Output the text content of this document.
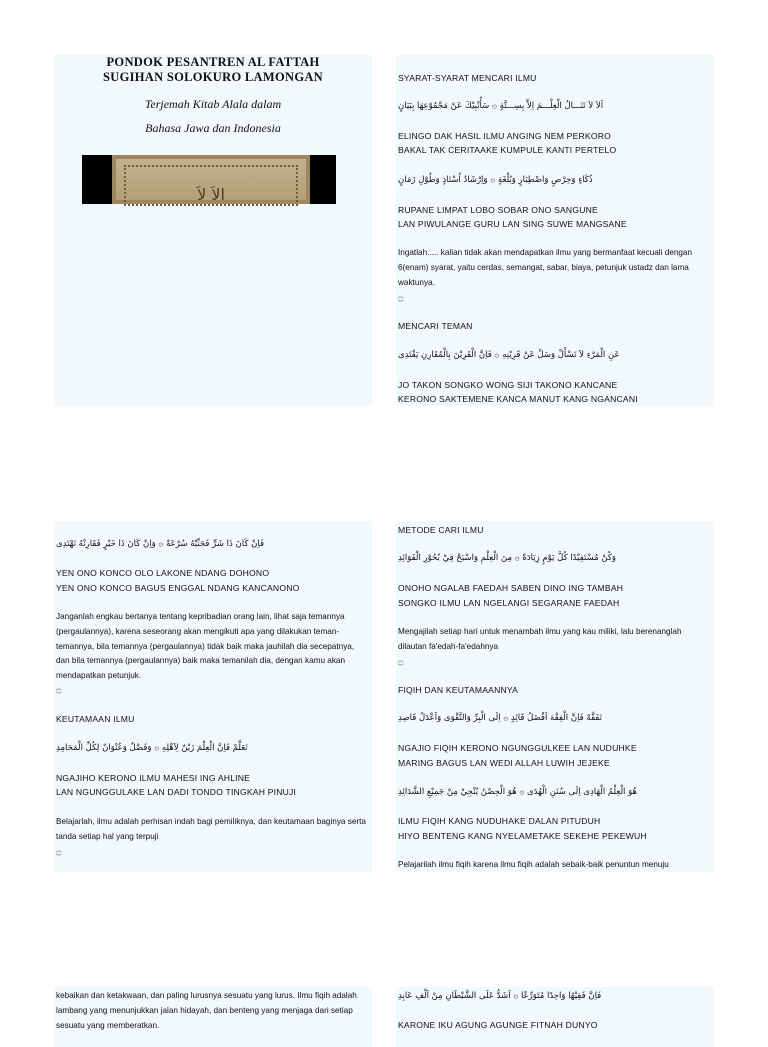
PONDOK PESANTREN AL FATTAH
SUGIHAN SOLOKURO LAMONGAN
Terjemah Kitab Alala dalam
Bahasa Jawa dan Indonesia
الاَ لاَ
SYARAT-SYARAT MENCARI ILMU
اَلاَ لاَ تَنَـــالُ الْعِلْـــمَ اِلاَّ بِسِـــتَّةٍ ۞ سَأُنْبِيْكَ عَنْ مَجْمُوْعِهَا بِبَيَانٍ
ELINGO DAK HASIL ILMU ANGING NEM PERKORO
BAKAL TAK CERITAAKE KUMPULE KANTI PERTELO
ذُكَاءٍ وَحِرْصٍ وَاصْطِبَارٍ وَبُلْغَةٍ ۞ وَاِرْشَادُ اُسْتَاذٍ وَطُوْلِ زَمَانٍ
RUPANE LIMPAT LOBO SOBAR ONO SANGUNE
LAN PIWULANGE GURU LAN SING SUWE MANGSANE
Ingatlah..... kalian tidak akan mendapatkan ilmu yang bermanfaat kecuali dengan 6(enam) syarat, yaitu cerdas, semangat, sabar, biaya, petunjuk ustadz dan lama waktunya.
۝
MENCARI TEMAN
عَنِ الْمَرْءِ لاَ تَسْأَلْ وَسَلْ عَنْ قَرِيْنِهِ ۞ فَاِنَّ الْقَرِيْنَ بِالْمُقَارِنِ يَقْتَدِى
JO TAKON SONGKO WONG SIJI TAKONO KANCANE
KERONO SAKTEMENE KANCA MANUT KANG NGANCANI
فَاِنْ كَانَ ذَا شَرٍّ فَجَنِّبْهُ سُرْعَةً ۞ وَاِنْ كَانَ ذَا خَيْرٍ فَقَارِنْهُ تَهْتَدِى
YEN ONO KONCO OLO LAKONE NDANG DOHONO
YEN ONO KONCO BAGUS ENGGAL NDANG KANCANONO
Janganlah engkau bertanya tentang kepribadian orang lain, lihat saja temannya (pergaulannya), karena seseorang akan mengikuti apa yang dilakukan teman-temannya, bila temannya (pergaulannya) tidak baik maka jauhilah dia secepatnya, dan bila temannya (pergaulannya) baik maka temanilah dia, dengan kamu akan mendapatkan petunjuk.
۝
KEUTAMAAN ILMU
تَعَلَّمْ فَاِنَّ الْعِلْمَ زَيْنٌ لِاَهْلِهِ ۞ وَفَضْلٌ وَعُنْوَانٌ لِكُلِّ الْمَحَامِدِ
NGAJIHO KERONO ILMU MAHESI ING AHLINE
LAN NGUNGGULAKE LAN DADI TONDO TINGKAH PINUJI
Belajarlah, ilmu adalah perhisan indah bagi pemiliknya, dan keutamaan baginya serta tanda setiap hal yang terpuji
۝
METODE CARI ILMU
وَكُنْ مُسْتَفِيْدًا كُلَّ يَوْمٍ زِيَادَةً ۞ مِنَ الْعِلْمِ وَاسْبَحْ فِيْ بُحُوْرِ الْفَوَائِدِ
ONOHO NGALAB FAEDAH SABEN DINO ING TAMBAH
SONGKO ILMU LAN NGELANGI SEGARANE FAEDAH
Mengajilah setiap hari untuk menambah ilmu yang kau miliki, lalu berenanglah dilautan fa'edah-fa'edahnya
۝
FIQIH DAN KEUTAMAANNYA
تَفَقَّهْ فَاِنَّ الْفِقْهَ اَفْضَلُ قَائِدٍ ۞ اِلَى الْبِرِّ وَالتَّقْوَى وَاَعْدَلُ قَاصِدِ
NGAJIO FIQIH KERONO NGUNGGULKEE LAN NUDUHKE
MARING BAGUS LAN WEDI ALLAH LUWIH JEJEKE
هُوَ الْعِلْمُ الْهَادِى اِلَى سُنَنِ الْهُدَى ۞ هُوَ الْحِصْنُ يُنْجِيْ مِنْ جَمِيْعِ الشَّدَائِدِ
ILMU FIQIH KANG NUDUHAKE DALAN PITUDUH
HIYO BENTENG KANG NYELAMETAKE SEKEHE PEKEWUH
Pelajarilah ilmu fiqih karena ilmu fiqih adalah sebaik-baik penuntun menuju
kebaikan dan ketakwaan, dan paling lurusnya sesuatu yang lurus. Ilmu fiqih adalah lambang yang menunjukkan jalan hidayah, dan benteng yang menjaga dari setiap sesuatu yang memberatkan.
فَاِنَّ فَقِيْهًا وَاحِدًا مُتَوَرِّعًا ۞ اَشَدُّ عَلَى الشَّيْطَانِ مِنْ اَلْفِ عَابِدِ
KARONE IKU AGUNG AGUNGE FITNAH DUNYO
